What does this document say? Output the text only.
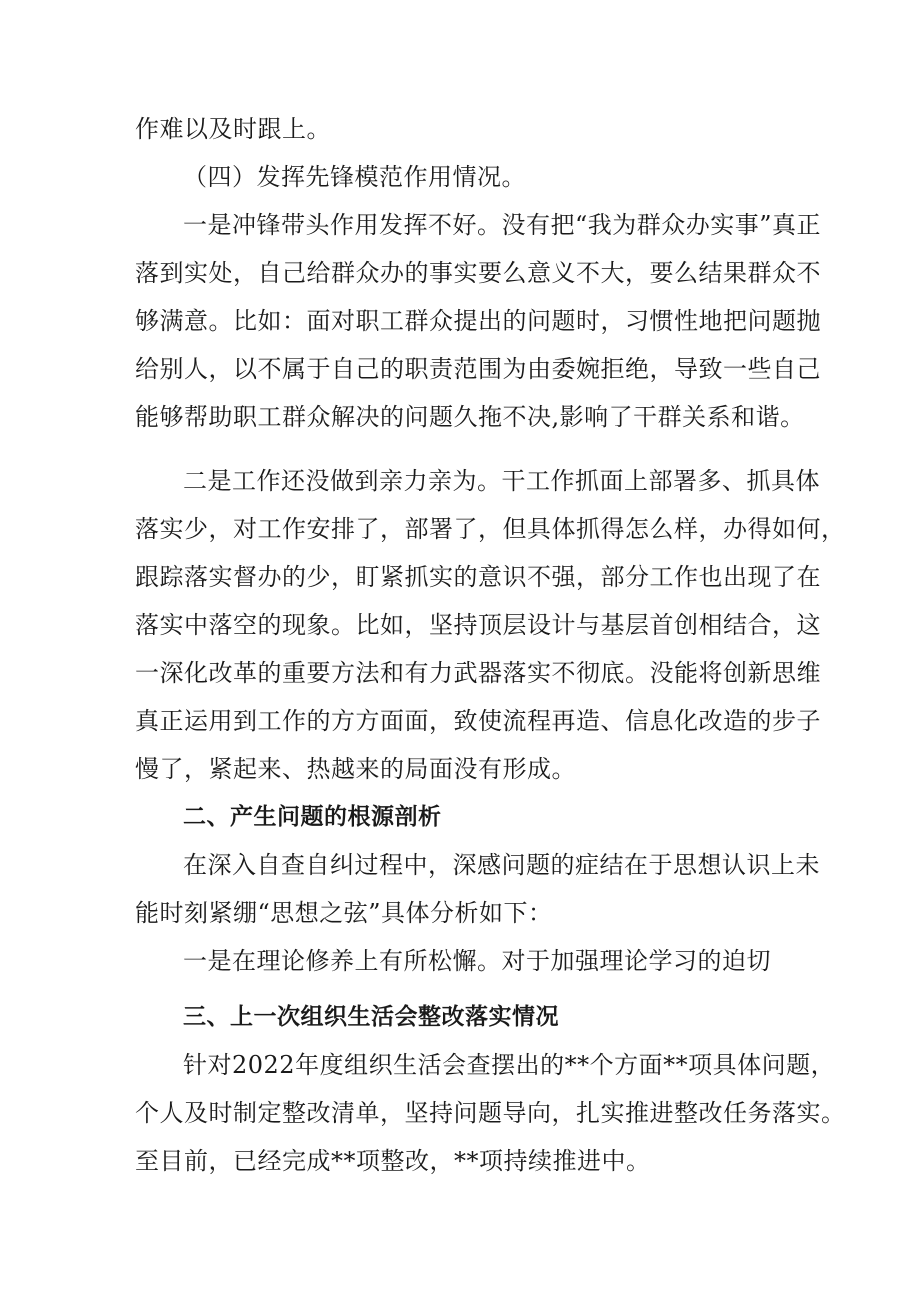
作难以及时跟上。
（四）发挥先锋模范作用情况。
一是冲锋带头作用发挥不好。没有把“我为群众办实事”真正
落到实处，自己给群众办的事实要么意义不大，要么结果群众不
够满意。比如：面对职工群众提出的问题时，习惯性地把问题抛
给别人，以不属于自己的职责范围为由委婉拒绝，导致一些自己
能够帮助职工群众解决的问题久拖不决,影响了干群关系和谐。
二是工作还没做到亲力亲为。干工作抓面上部署多、抓具体
落实少，对工作安排了，部署了，但具体抓得怎么样，办得如何，
跟踪落实督办的少，盯紧抓实的意识不强，部分工作也出现了在
落实中落空的现象。比如，坚持顶层设计与基层首创相结合，这
一深化改革的重要方法和有力武器落实不彻底。没能将创新思维
真正运用到工作的方方面面，致使流程再造、信息化改造的步子
慢了，紧起来、热越来的局面没有形成。
二、产生问题的根源剖析
在深入自查自纠过程中，深感问题的症结在于思想认识上未
能时刻紧绷“思想之弦”具体分析如下：
一是在理论修养上有所松懈。对于加强理论学习的迫切
三、上一次组织生活会整改落实情况
针对2022年度组织生活会查摆出的**个方面**项具体问题，
个人及时制定整改清单，坚持问题导向，扎实推进整改任务落实。
至目前，已经完成**项整改，**项持续推进中。
